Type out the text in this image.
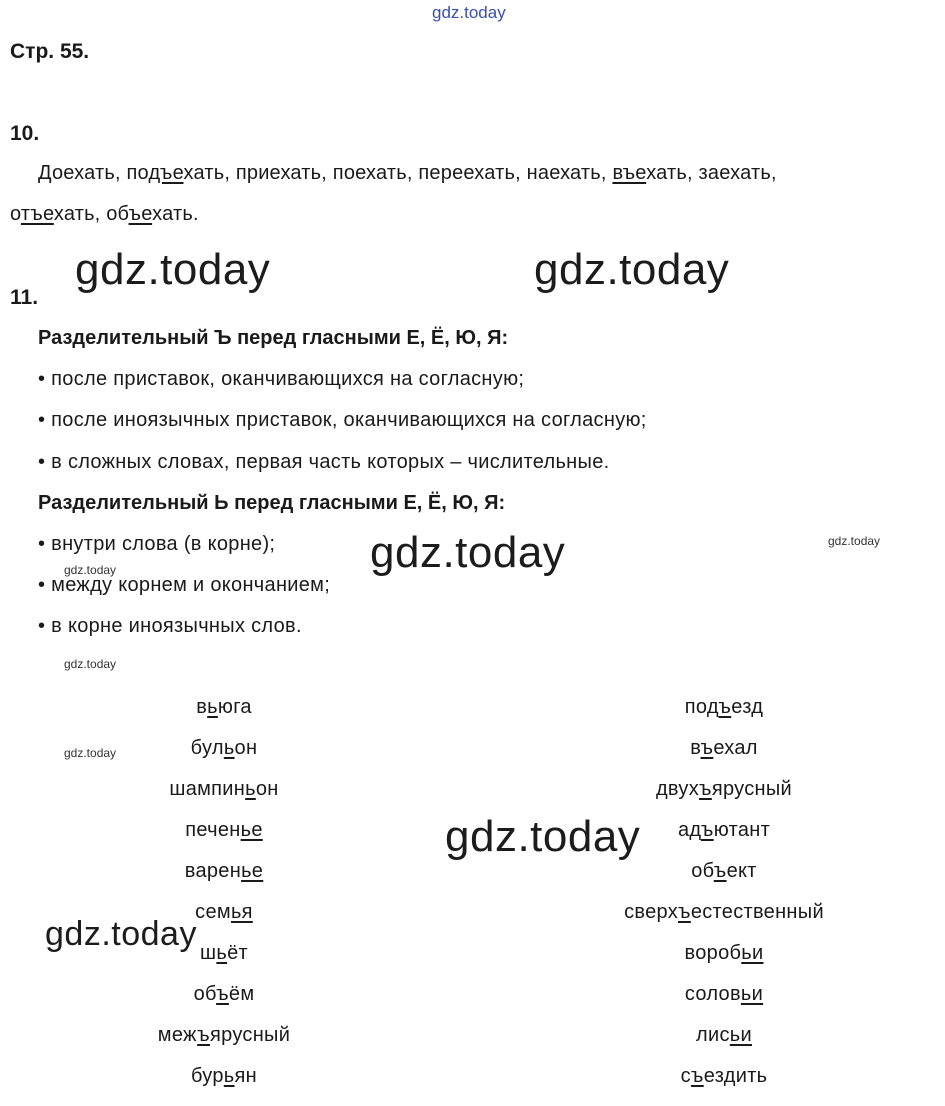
gdz.today
Стр. 55.
10.
Доехать, подъехать, приехать, поехать, переехать, наехать, въехать, заехать,
отъехать, объехать.
gdz.today	gdz.today
11.
Разделительный Ъ перед гласными Е, Ё, Ю, Я:
• после приставок, оканчивающихся на согласную;
• после иноязычных приставок, оканчивающихся на согласную;
• в сложных словах, первая часть которых – числительные.
Разделительный Ь перед гласными Е, Ё, Ю, Я:
• внутри слова (в корне);
• между корнем и окончанием;
• в корне иноязычных слов.
gdz.today	gdz.today
gdz.today
gdz.today
gdz.today
вьюга
бульон
шампиньон
печенье
варенье
семья
шьёт
объём
межъярусный
бурьян
подъезд
въехал
двухъярусный
адъютант
объект
сверхъестественный
воробьи
соловьи
лисьи
съездить
gdz.today
gdz.today
